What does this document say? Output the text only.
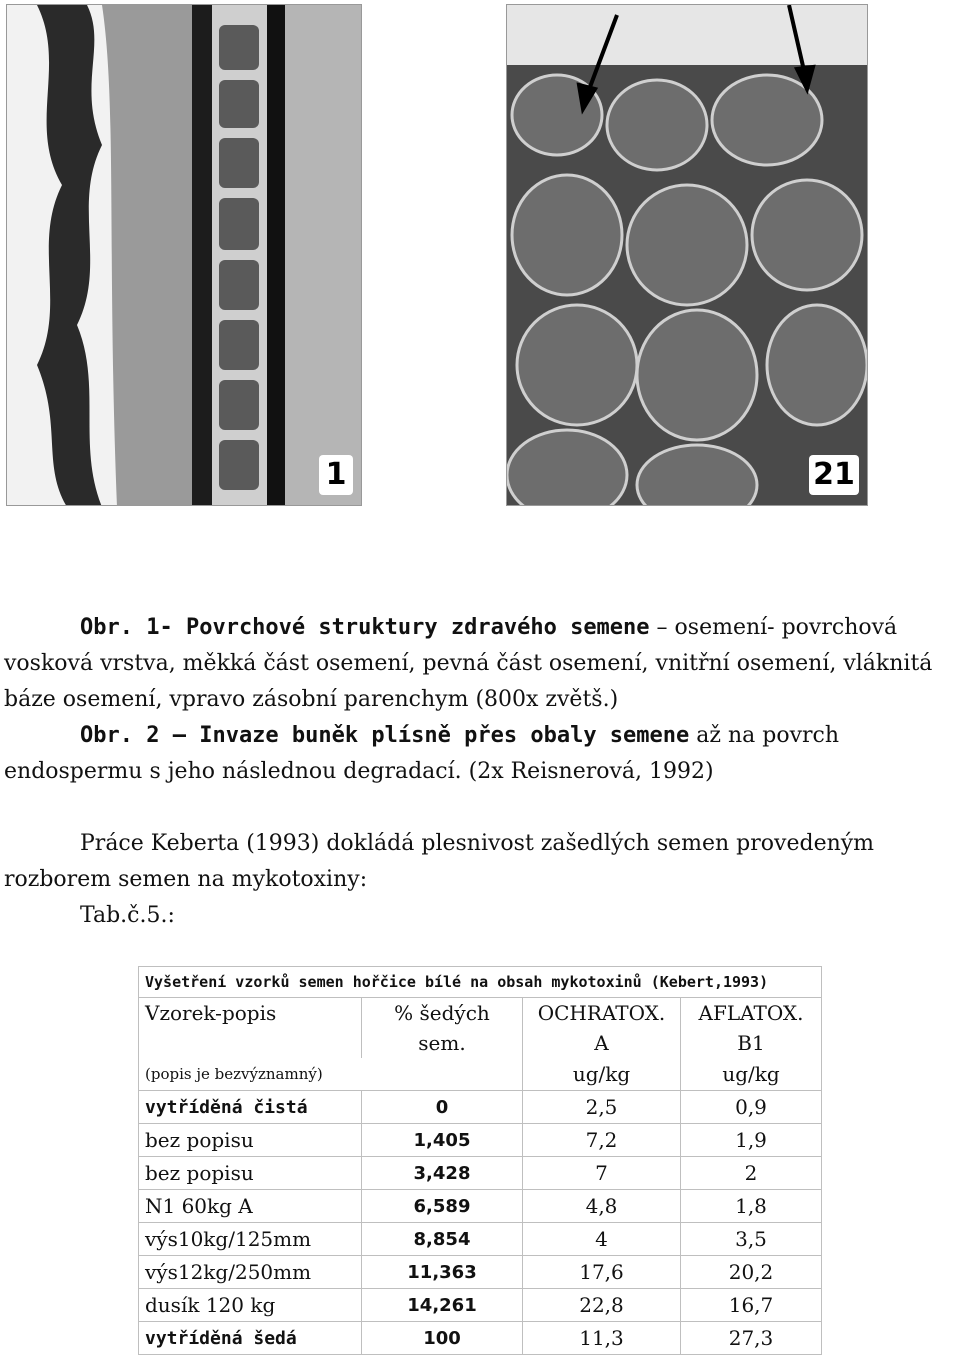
1	21

Obr. 1- Povrchové struktury zdravého semene – osemení- povrchová vosková vrstva, měkká část osemení, pevná část osemení, vnitřní osemení, vláknitá báze osemení, vpravo zásobní parenchym (800x zvětš.)

Obr. 2 – Invaze buněk plísně přes obaly semene až na povrch endospermu s jeho následnou degradací. (2x Reisnerová, 1992)

Práce Keberta (1993) dokládá plesnivost zašedlých semen provedeným rozborem semen na mykotoxiny:

Tab.č.5.:

Vyšetření vzorků semen hořčice bílé na obsah mykotoxinů (Kebert,1993)			
Vzorek-popis	% šedých sem.	OCHRATOX. A	AFLATOX. B1
(popis je bezvýznamný)		ug/kg	ug/kg
vytříděná čistá	0	2,5	0,9
bez popisu	1,405	7,2	1,9
bez popisu	3,428	7	2
N1 60kg A	6,589	4,8	1,8
výs10kg/125mm	8,854	4	3,5
výs12kg/250mm	11,363	17,6	20,2
dusík 120 kg	14,261	22,8	16,7
vytříděná šedá	100	11,3	27,3
